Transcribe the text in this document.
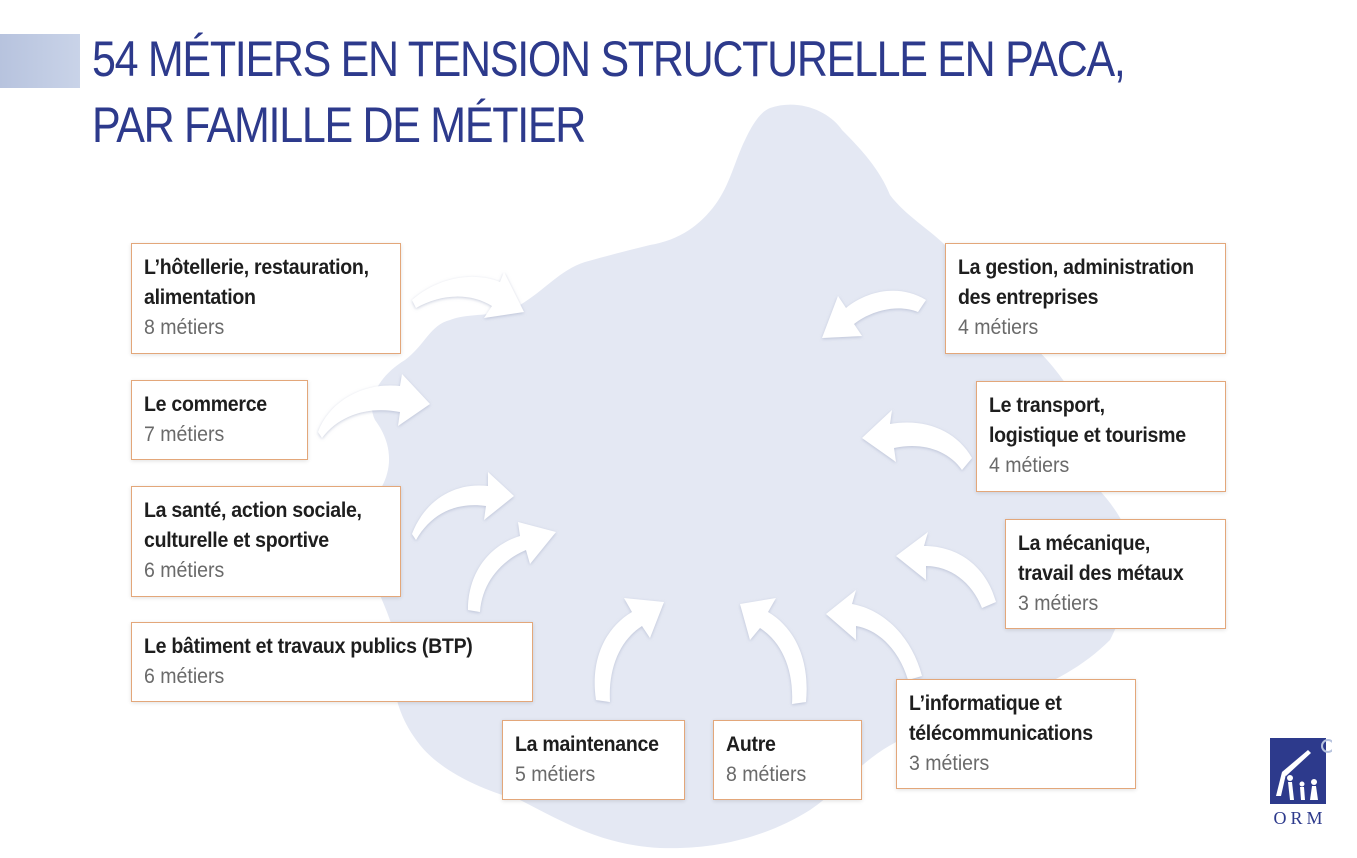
54 MÉTIERS EN TENSION STRUCTURELLE EN PACA,
PAR FAMILLE DE MÉTIER
L’hôtellerie, restauration,
alimentation
8 métiers
Le commerce
7 métiers
La santé, action sociale,
culturelle et sportive
6 métiers
Le bâtiment et travaux publics (BTP)
6 métiers
La maintenance
5 métiers
Autre
8 métiers
L’informatique et
télécommunications
3 métiers
La mécanique,
travail des métaux
3 métiers
Le transport,
logistique et tourisme
4 métiers
La gestion, administration
des entreprises
4 métiers
ORM
